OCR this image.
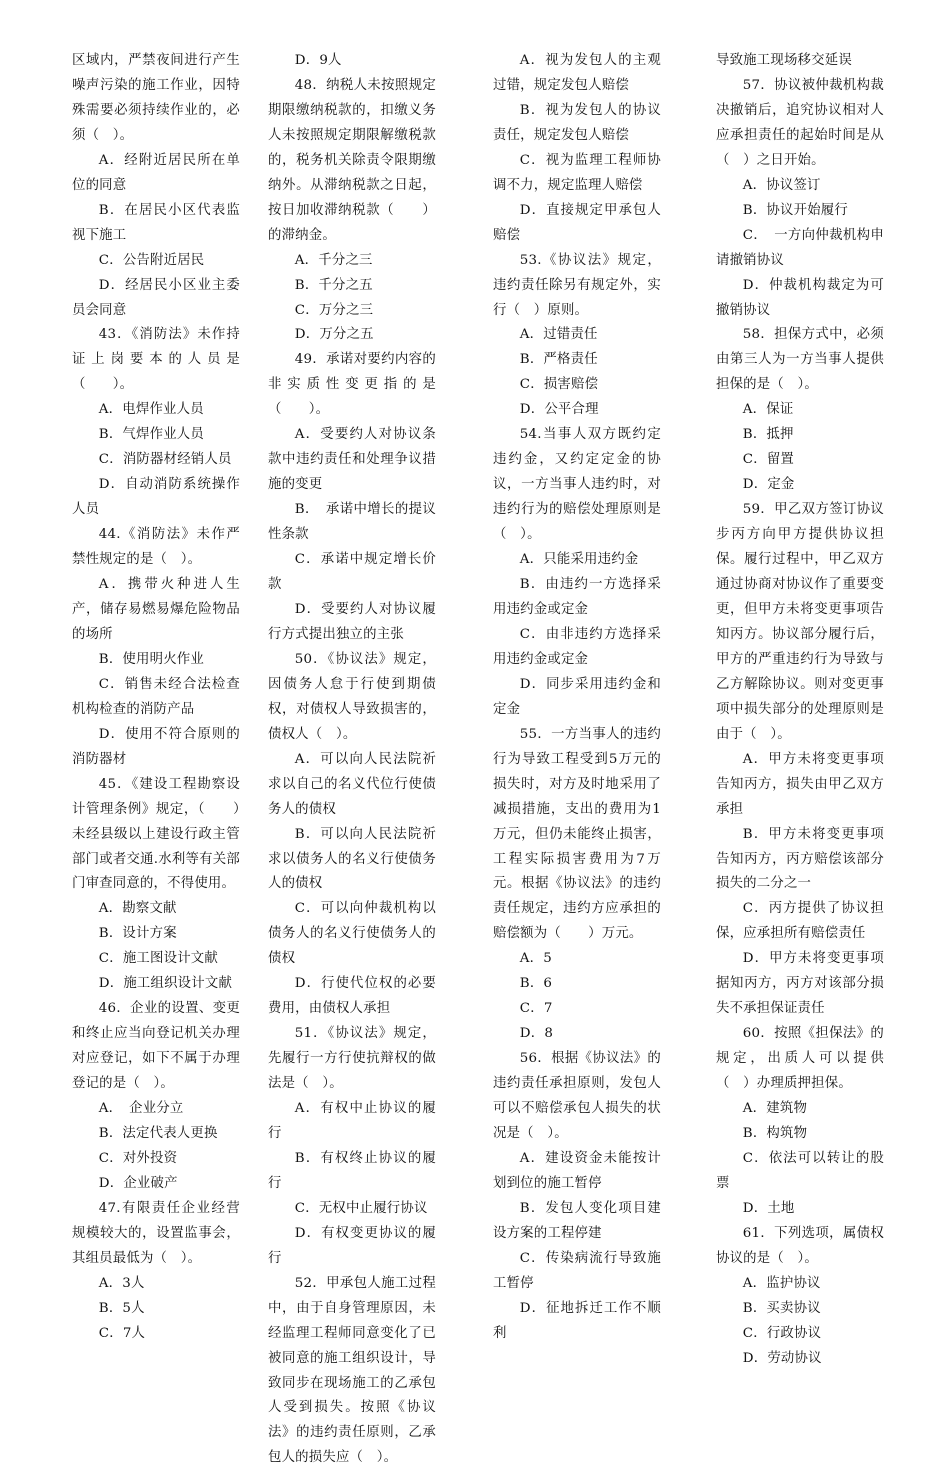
区域内，严禁夜间进行产生噪声污染的施工作业，因特殊需要必须持续作业的，必须（　）。

A．经附近居民所在单位的同意

B．在居民小区代表监视下施工

C．公告附近居民

D．经居民小区业主委员会同意

43．《消防法》未作持证上岗要本的人员是（　　）。

A．电焊作业人员

B．气焊作业人员

C．消防器材经销人员

D．自动消防系统操作人员

44.《消防法》未作严禁性规定的是（　）。

A．携带火种进人生产，储存易燃易爆危险物品的场所

B．使用明火作业

C．销售未经合法检查机构检查的消防产品

D．使用不符合原则的消防器材

45．《建设工程勘察设计管理条例》规定，（　　）未经县级以上建设行政主管部门或者交通.水利等有关部门审查同意的，不得使用。

A．勘察文献

B．设计方案

C．施工图设计文献

D．施工组织设计文献

46．企业的设置、变更和终止应当向登记机关办理对应登记，如下不属于办理登记的是（　）。

A．　企业分立

B．法定代表人更换

C．对外投资

D．企业破产

47.有限责任企业经营规模较大的，设置监事会，其组员最低为（　）。

A．3人

B．5人

C．7人

D．9人

48．纳税人未按照规定期限缴纳税款的，扣缴义务人未按照规定期限解缴税款的，税务机关除责令限期缴纳外。从滞纳税款之日起，按日加收滞纳税款（　　）的滞纳金。

A．千分之三

B．千分之五

C．万分之三

D．万分之五

49．承诺对要约内容的非实质性变更指的是（　　）。

A．受要约人对协议条款中违约责任和处理争议措施的变更

B．　承诺中增长的提议性条款

C．承诺中规定增长价款

D．受要约人对协议履行方式提出独立的主张

50．《协议法》规定，因债务人怠于行使到期债权，对债权人导致损害的，债权人（　）。

A．可以向人民法院祈求以自己的名义代位行使债务人的债权

B．可以向人民法院祈求以债务人的名义行使债务人的债权

C．可以向仲裁机构以债务人的名义行使债务人的债权

D．行使代位权的必要费用，由债权人承担

51．《协议法》规定，先履行一方行使抗辩权的做法是（　）。

A．有权中止协议的履行

B．有权终止协议的履行

C．无权中止履行协议

D．有权变更协议的履行

52．甲承包人施工过程中，由于自身管理原因，未经监理工程师同意变化了已被同意的施工组织设计，导致同步在现场施工的乙承包人受到损失。按照《协议法》的违约责任原则，乙承包人的损失应（　）。

A．视为发包人的主观过错，规定发包人赔偿

B．视为发包人的协议责任，规定发包人赔偿

C．视为监理工程师协调不力，规定监理人赔偿

D．直接规定甲承包人赔偿

53.《协议法》规定，违约责任除另有规定外，实行（　）原则。

A．过错责任

B．严格责任

C．损害赔偿

D．公平合理

54.当事人双方既约定违约金，又约定定金的协议，一方当事人违约时，对违约行为的赔偿处理原则是（　）。

A．只能采用违约金

B．由违约一方选择采用违约金或定金

C．由非违约方选择采用违约金或定金

D．同步采用违约金和定金

55．一方当事人的违约行为导致工程受到5万元的损失时，对方及时地采用了减损措施，支出的费用为1万元，但仍未能终止损害，工程实际损害费用为7万元。根据《协议法》的违约责任规定，违约方应承担的赔偿额为（　　）万元。

A．5

B．6

C．7

D．8

56．根据《协议法》的违约责任承担原则，发包人可以不赔偿承包人损失的状况是（　）。

A．建设资金未能按计划到位的施工暂停

B．发包人变化项目建设方案的工程停建

C．传染病流行导致施工暂停

D．征地拆迁工作不顺利

导致施工现场移交延误

57．协议被仲裁机构裁决撤销后，追究协议相对人应承担责任的起始时间是从（　）之日开始。

A．协议签订

B．协议开始履行

C．　一方向仲裁机构申请撤销协议

D．仲裁机构裁定为可撤销协议

58．担保方式中，必须由第三人为一方当事人提供担保的是（　）。

A．保证

B．抵押

C．留置

D．定金

59．甲乙双方签订协议步丙方向甲方提供协议担保。履行过程中，甲乙双方通过协商对协议作了重要变更，但甲方未将变更事项告知丙方。协议部分履行后，甲方的严重违约行为导致与乙方解除协议。则对变更事项中损失部分的处理原则是由于（　）。

A．甲方未将变更事项告知丙方，损失由甲乙双方承担

B．甲方未将变更事项告知丙方，丙方赔偿该部分损失的二分之一

C．丙方提供了协议担保，应承担所有赔偿责任

D．甲方未将变更事项据知丙方，丙方对该部分损失不承担保证责任

60．按照《担保法》的规定，出质人可以提供（　）办理质押担保。

A．建筑物

B．构筑物

C．依法可以转让的股票

D．土地

61．下列选项，属债权协议的是（　）。

A．监护协议

B．买卖协议

C．行政协议

D．劳动协议
